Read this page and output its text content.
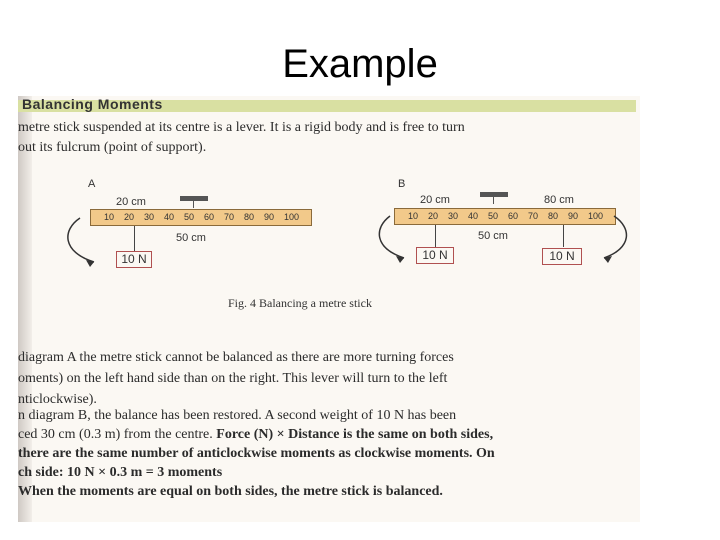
Example
Balancing Moments
metre stick suspended at its centre is a lever. It is a rigid body and is free to turn
out its fulcrum (point of support).
A
20 cm
10 20 30 40 50 60 70 80 90 100
50 cm
10 N
B
20 cm	80 cm
10 20 30 40 50 60 70 80 90 100
50 cm
10 N	10 N
Fig. 4 Balancing a metre stick
diagram A the metre stick cannot be balanced as there are more turning forces
oments) on the left hand side than on the right. This lever will turn to the left
nticlockwise).
n diagram B, the balance has been restored. A second weight of 10 N has been
ced 30 cm (0.3 m) from the centre. Force (N) × Distance is the same on both sides,
there are the same number of anticlockwise moments as clockwise moments. On
ch side: 10 N × 0.3 m = 3 moments
When the moments are equal on both sides, the metre stick is balanced.
